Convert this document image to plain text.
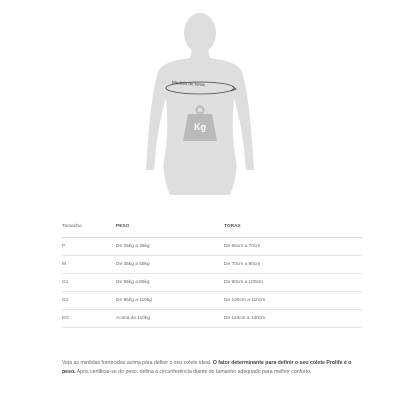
Medida do tórax
Kg
Tamanho	PESO	TORAX
P	De 25kg a 35kg	De 55cm a 70cm
M	De 35kg a 55kg	De 70cm a 90cm
G1	De 55kg a 85kg	De 90cm a 100cm
G2	De 85kg a 110kg	De 100cm a 110cm
EG	Acima de 110kg	De 110cm a 140cm

Veja as medidas fornecidas acima para definir o seu colete ideal. O fator determinante para definir o seu colete Prolife é o peso. Após certificar-se do peso, defina a circunferência diante do tamanho adequado para melhor conforto.
